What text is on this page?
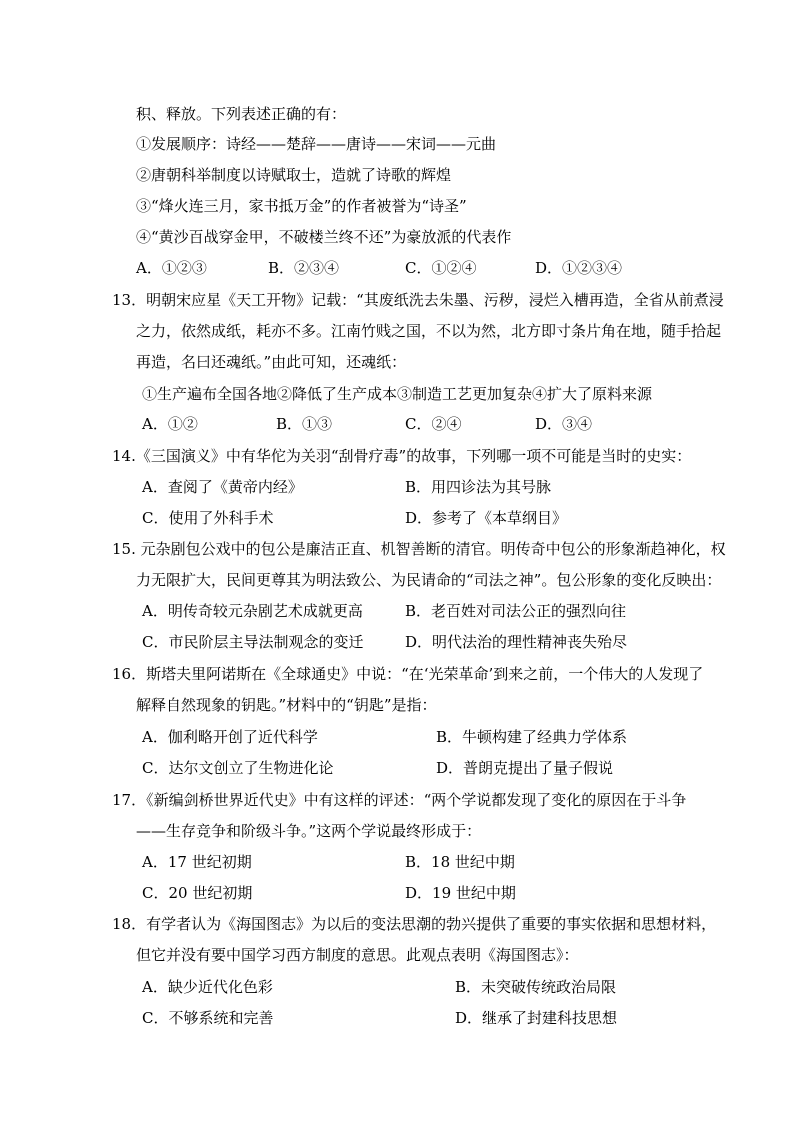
积、释放。下列表述正确的有：
①发展顺序：诗经——楚辞——唐诗——宋词——元曲
②唐朝科举制度以诗赋取士，造就了诗歌的辉煌
③“烽火连三月，家书抵万金”的作者被誉为“诗圣”
④“黄沙百战穿金甲，不破楼兰终不还”为豪放派的代表作
A．①②③	B．②③④	C．①②④	D．①②③④
13．明朝宋应星《天工开物》记载：“其废纸洗去朱墨、污秽，浸烂入槽再造，全省从前煮浸
之力，依然成纸，耗亦不多。江南竹贱之国，不以为然，北方即寸条片角在地，随手拾起
再造，名曰还魂纸。”由此可知，还魂纸：
①生产遍布全国各地②降低了生产成本③制造工艺更加复杂④扩大了原料来源
A．①②	B．①③	C．②④	D．③④
14.《三国演义》中有华佗为关羽“刮骨疗毒”的故事，下列哪一项不可能是当时的史实：
A．查阅了《黄帝内经》	B．用四诊法为其号脉
C．使用了外科手术	D．参考了《本草纲目》
15. 元杂剧包公戏中的包公是廉洁正直、机智善断的清官。明传奇中包公的形象渐趋神化，权
力无限扩大，民间更尊其为明法致公、为民请命的“司法之神”。包公形象的变化反映出：
A．明传奇较元杂剧艺术成就更高	B．老百姓对司法公正的强烈向往
C．市民阶层主导法制观念的变迁	D．明代法治的理性精神丧失殆尽
16．斯塔夫里阿诺斯在《全球通史》中说：“在‘光荣革命’到来之前，一个伟大的人发现了
解释自然现象的钥匙。”材料中的“钥匙”是指：
A．伽利略开创了近代科学	B．牛顿构建了经典力学体系
C．达尔文创立了生物进化论	D．普朗克提出了量子假说
17．《新编剑桥世界近代史》中有这样的评述：“两个学说都发现了变化的原因在于斗争
——生存竞争和阶级斗争。”这两个学说最终形成于：
A．17 世纪初期	B．18 世纪中期
C．20 世纪初期	D．19 世纪中期
18．有学者认为《海国图志》为以后的变法思潮的勃兴提供了重要的事实依据和思想材料，
但它并没有要中国学习西方制度的意思。此观点表明《海国图志》：
A．缺少近代化色彩	B．未突破传统政治局限
C．不够系统和完善	D．继承了封建科技思想
